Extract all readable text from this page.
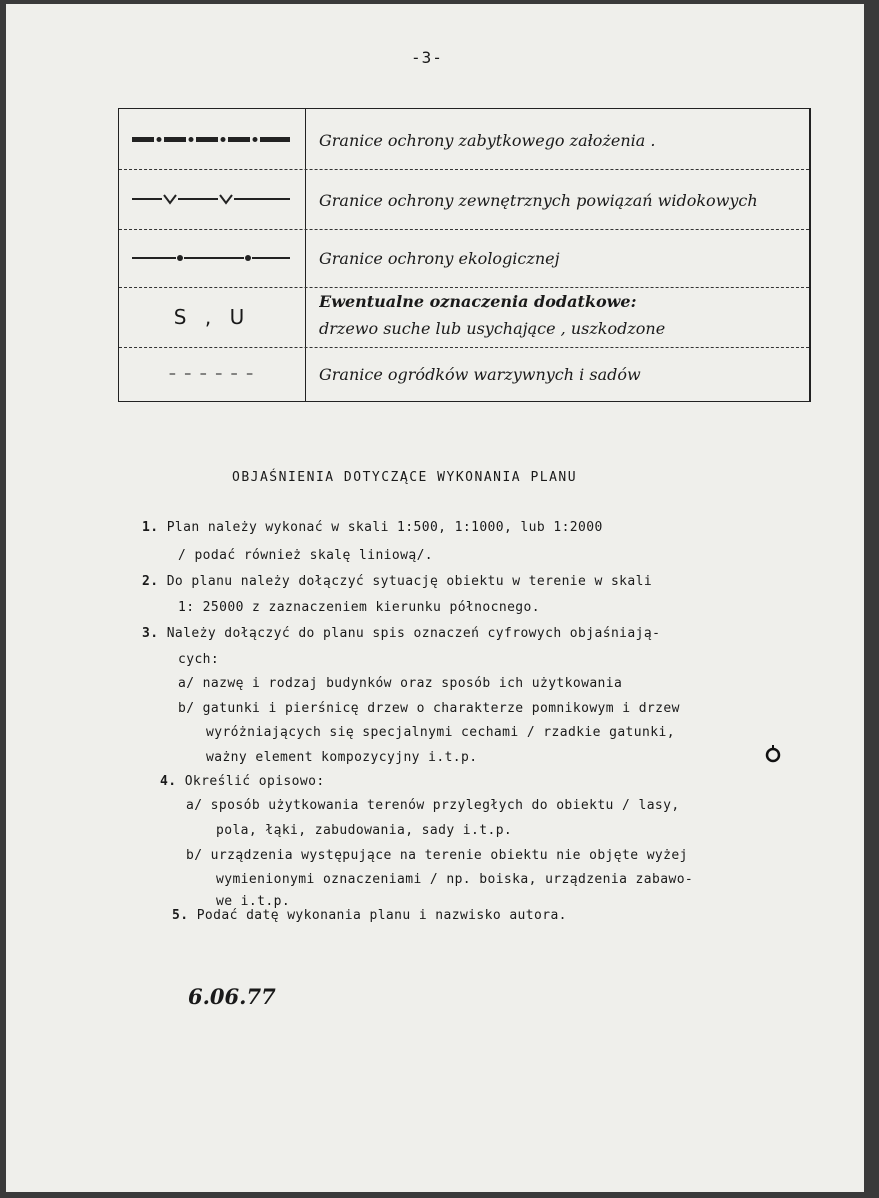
-3-
Granice ochrony zabytkowego założenia .
Granice ochrony zewnętrznych powiązań widokowych
Granice ochrony ekologicznej
S , U
Ewentualne oznaczenia dodatkowe:
drzewo suche lub usychające , uszkodzone
– – – – – –	Granice ogródków warzywnych i sadów
OBJAŚNIENIA DOTYCZĄCE WYKONANIA PLANU
1. Plan należy wykonać w skali 1:500, 1:1000, lub 1:2000
/ podać również skalę liniową/.
2. Do planu należy dołączyć sytuację obiektu w terenie w skali
1: 25000 z zaznaczeniem kierunku północnego.
3. Należy dołączyć do planu spis oznaczeń cyfrowych objaśniają-
cych:
a/ nazwę i rodzaj budynków oraz sposób ich użytkowania
b/ gatunki i pierśnicę drzew o charakterze pomnikowym i drzew
wyróżniających się specjalnymi cechami / rzadkie gatunki,
ważny element kompozycyjny i.t.p.
4. Określić opisowo:
a/ sposób użytkowania terenów przyległych do obiektu / lasy,
pola, łąki, zabudowania, sady i.t.p.
b/ urządzenia występujące na terenie obiektu nie objęte wyżej
wymienionymi oznaczeniami / np. boiska, urządzenia zabawo-
we i.t.p.
5. Podać datę wykonania planu i nazwisko autora.
6.06.77
